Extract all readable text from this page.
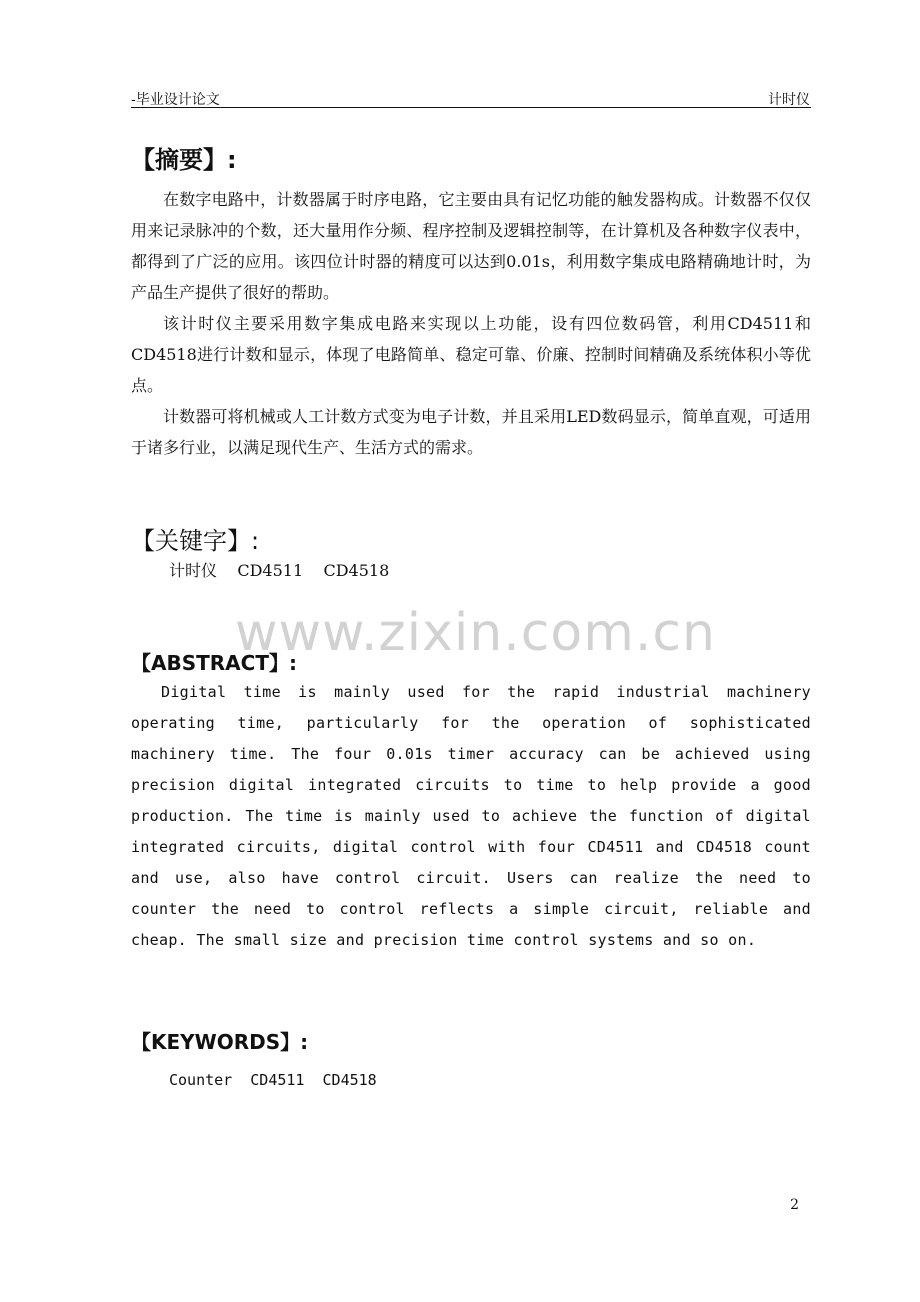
-毕业设计论文	计时仪
【摘要】:

在数字电路中，计数器属于时序电路，它主要由具有记忆功能的触发器构成。计数器不仅仅用来记录脉冲的个数，还大量用作分频、程序控制及逻辑控制等，在计算机及各种数字仪表中，都得到了广泛的应用。该四位计时器的精度可以达到0.01s，利用数字集成电路精确地计时，为产品生产提供了很好的帮助。

该计时仪主要采用数字集成电路来实现以上功能，设有四位数码管，利用CD4511和CD4518进行计数和显示，体现了电路简单、稳定可靠、价廉、控制时间精确及系统体积小等优点。

计数器可将机械或人工计数方式变为电子计数，并且采用LED数码显示，简单直观，可适用于诸多行业，以满足现代生产、生活方式的需求。

【关键字】:
计时仪    CD4511    CD4518
www.zixin.com.cn
【ABSTRACT】:

Digital time is mainly used for the rapid industrial machinery operating time, particularly for the operation of sophisticated machinery time. The four 0.01s timer accuracy can be achieved using precision digital integrated circuits to time to help provide a good production. The time is mainly used to achieve the function of digital integrated circuits, digital control with four CD4511 and CD4518 count and use, also have control circuit. Users can realize the need to counter the need to control reflects a simple circuit, reliable and cheap. The small size and precision time control systems and so on.

【KEYWORDS】:
Counter  CD4511  CD4518
2
